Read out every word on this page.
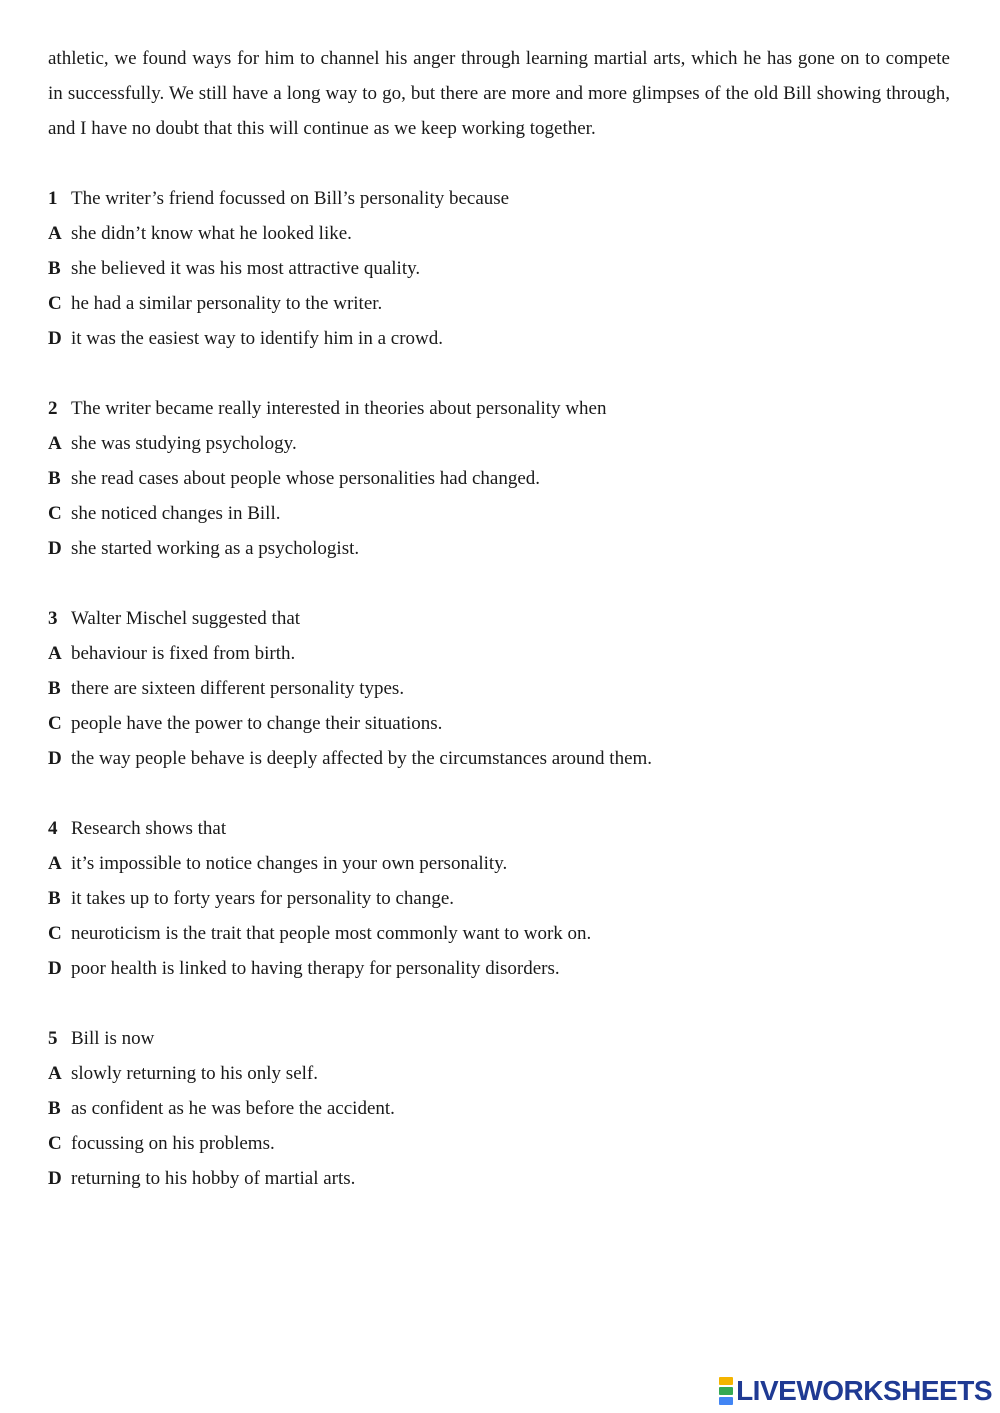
athletic, we found ways for him to channel his anger through learning martial arts, which he has gone on to compete in successfully. We still have a long way to go, but there are more and more glimpses of the old Bill showing through, and I have no doubt that this will continue as we keep working together.

1 The writer’s friend focussed on Bill’s personality because
A she didn’t know what he looked like.
B she believed it was his most attractive quality.
C he had a similar personality to the writer.
D it was the easiest way to identify him in a crowd.
2 The writer became really interested in theories about personality when
A she was studying psychology.
B she read cases about people whose personalities had changed.
C she noticed changes in Bill.
D she started working as a psychologist.
3 Walter Mischel suggested that
A behaviour is fixed from birth.
B there are sixteen different personality types.
C people have the power to change their situations.
D the way people behave is deeply affected by the circumstances around them.
4 Research shows that
A it’s impossible to notice changes in your own personality.
B it takes up to forty years for personality to change.
C neuroticism is the trait that people most commonly want to work on.
D poor health is linked to having therapy for personality disorders.
5 Bill is now
A slowly returning to his only self.
B as confident as he was before the accident.
C focussing on his problems.
D returning to his hobby of martial arts.
LIVEWORKSHEETS
